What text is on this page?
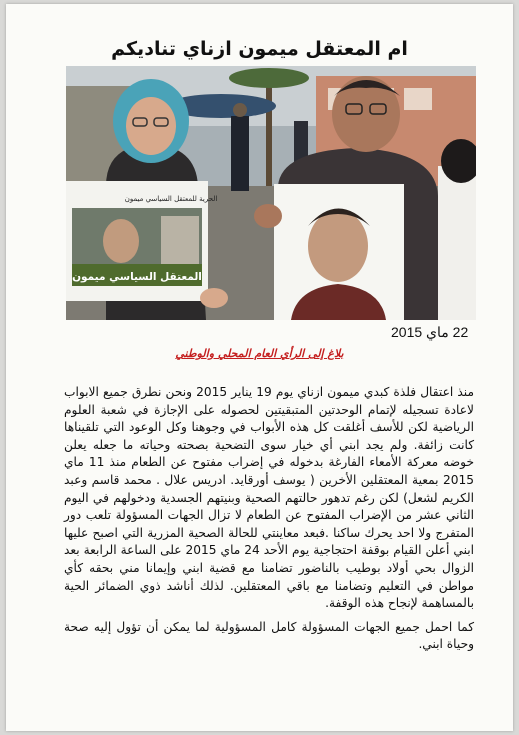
ام المعتقل ميمون ازناي تناديكم
الحرية للمعتقل السياسي ميمون
المعتقل السياسي ميمون
22 ماي 2015
بلاغ إلى الرأي العام المحلي والوطني

منذ اعتقال فلذة كبدي ميمون ازناي يوم 19 يناير 2015 ونحن نطرق جميع الابواب لاعادة تسجيله لإتمام الوحدتين المتبقيتين لحصوله على الإجازة في شعبة العلوم الرياضية لكن للأسف أغلقت كل هذه الأبواب في وجوهنا وكل الوعود التي تلقيناها كانت زائفة. ولم يجد ابني أي خيار سوى التضحية بصحته وحياته ما جعله يعلن خوضه معركة الأمعاء الفارغة بدخوله في إضراب مفتوح عن الطعام منذ 11 ماي 2015 بمعية المعتقلين الأخرين ( يوسف أورقايد. ادريس علال . محمد قاسم وعبد الكريم لشعل) لكن رغم تدهور حالتهم الصحية وبنيتهم الجسدية ودخولهم في اليوم الثاني عشر من الإضراب المفتوح عن الطعام لا تزال الجهات المسؤولة تلعب دور المتفرج ولا احد يحرك ساكنا .فبعد معاينتي للحالة الصحية المزرية التي اصبح عليها ابني أعلن القيام بوقفة احتجاجية يوم الأحد 24 ماي 2015 على الساعة الرابعة بعد الزوال بحي أولاد بوطيب بالناضور تضامنا مع قضية ابني وإيمانا مني بحقه كأي مواطن في التعليم وتضامنا مع باقي المعتقلين. لذلك أناشد ذوي الضمائر الحية بالمساهمة لإنجاح هذه الوقفة.

كما احمل جميع الجهات المسؤولة كامل المسؤولية لما يمكن أن تؤول إليه صحة وحياة ابني.
